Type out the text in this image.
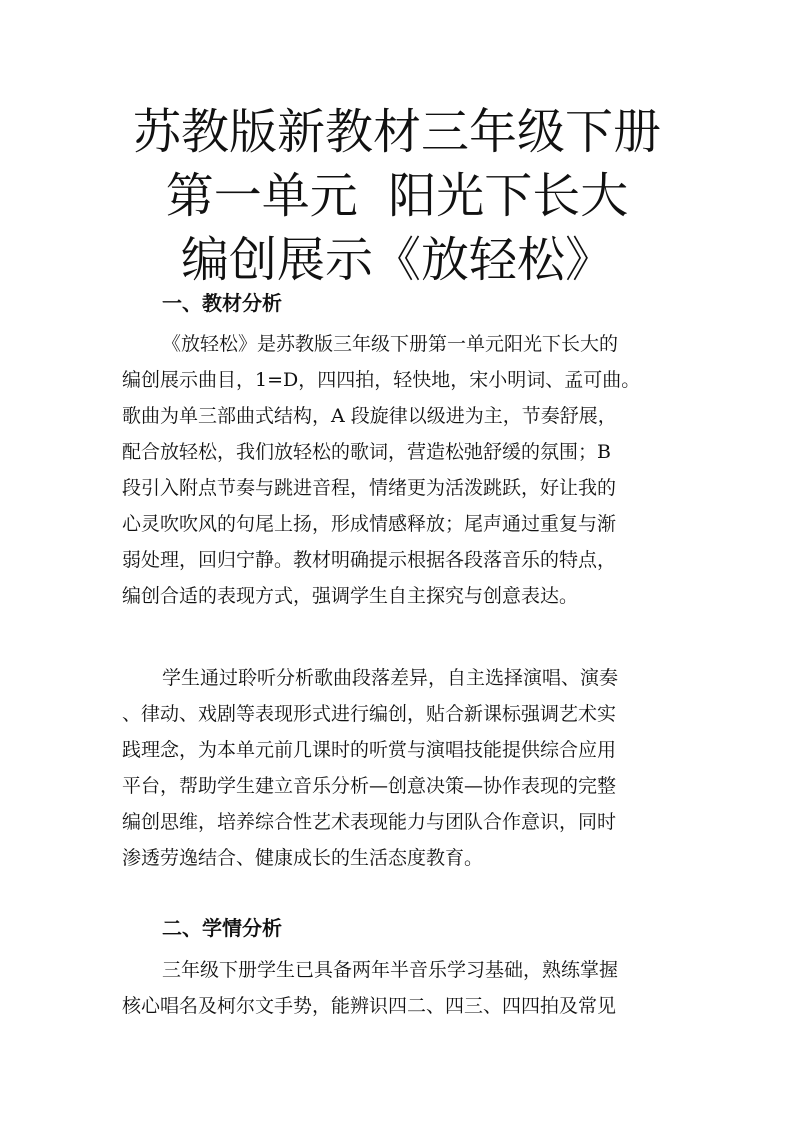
苏教版新教材三年级下册
第一单元  阳光下长大
编创展示《放轻松》
一、教材分析
《放轻松》是苏教版三年级下册第一单元阳光下长大的
编创展示曲目，1=D，四四拍，轻快地，宋小明词、孟可曲。
歌曲为单三部曲式结构，A 段旋律以级进为主，节奏舒展，
配合放轻松，我们放轻松的歌词，营造松弛舒缓的氛围；B
段引入附点节奏与跳进音程，情绪更为活泼跳跃，好让我的
心灵吹吹风的句尾上扬，形成情感释放；尾声通过重复与渐
弱处理，回归宁静。教材明确提示根据各段落音乐的特点，
编创合适的表现方式，强调学生自主探究与创意表达。
学生通过聆听分析歌曲段落差异，自主选择演唱、演奏
、律动、戏剧等表现形式进行编创，贴合新课标强调艺术实
践理念，为本单元前几课时的听赏与演唱技能提供综合应用
平台，帮助学生建立音乐分析—创意决策—协作表现的完整
编创思维，培养综合性艺术表现能力与团队合作意识，同时
渗透劳逸结合、健康成长的生活态度教育。
二、学情分析
三年级下册学生已具备两年半音乐学习基础，熟练掌握
核心唱名及柯尔文手势，能辨识四二、四三、四四拍及常见
